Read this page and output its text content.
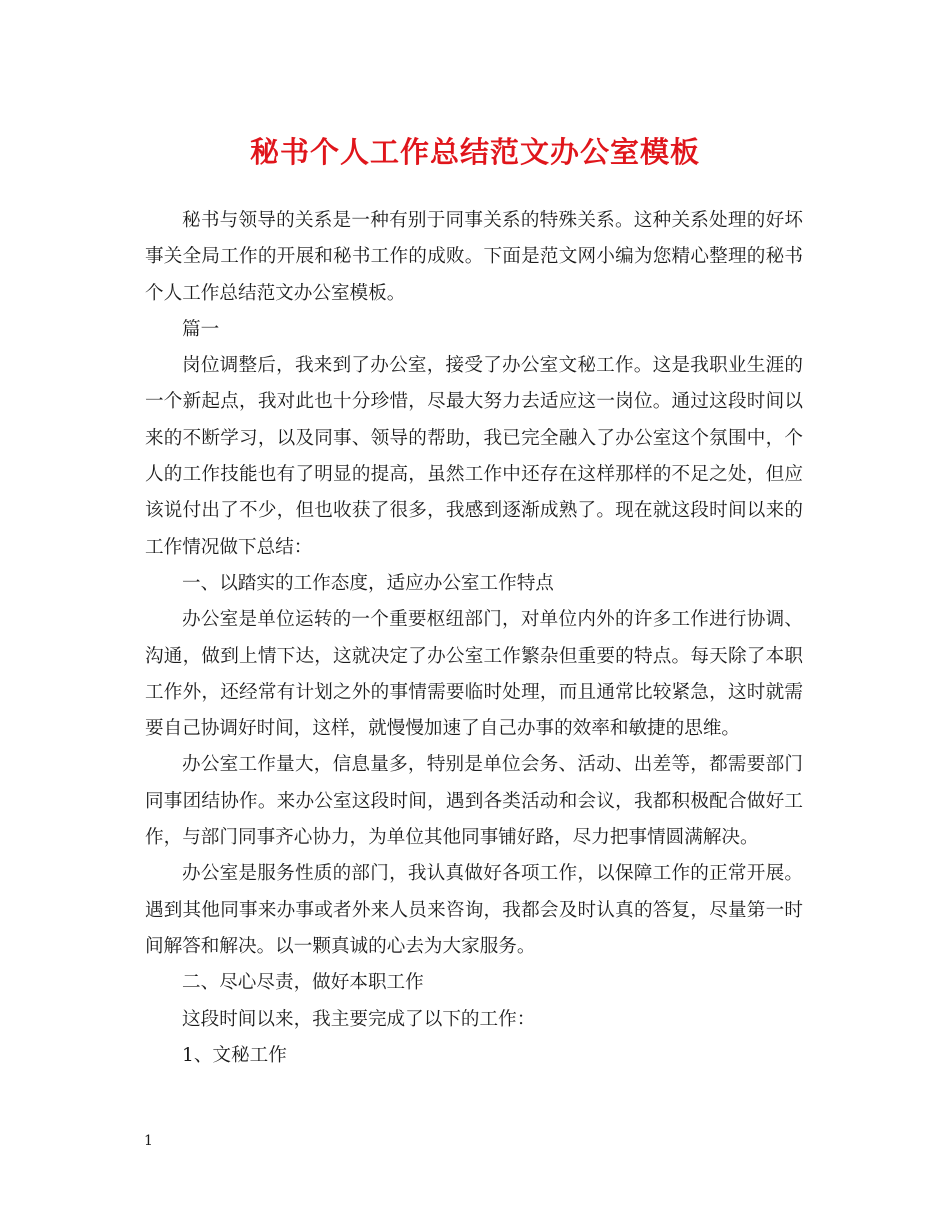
秘书个人工作总结范文办公室模板

秘书与领导的关系是一种有别于同事关系的特殊关系。这种关系处理的好坏事关全局工作的开展和秘书工作的成败。下面是范文网小编为您精心整理的秘书个人工作总结范文办公室模板。

篇一

岗位调整后，我来到了办公室，接受了办公室文秘工作。这是我职业生涯的一个新起点，我对此也十分珍惜，尽最大努力去适应这一岗位。通过这段时间以来的不断学习，以及同事、领导的帮助，我已完全融入了办公室这个氛围中，个人的工作技能也有了明显的提高，虽然工作中还存在这样那样的不足之处，但应该说付出了不少，但也收获了很多，我感到逐渐成熟了。现在就这段时间以来的工作情况做下总结：

一、以踏实的工作态度，适应办公室工作特点

办公室是单位运转的一个重要枢纽部门，对单位内外的许多工作进行协调、沟通，做到上情下达，这就决定了办公室工作繁杂但重要的特点。每天除了本职工作外，还经常有计划之外的事情需要临时处理，而且通常比较紧急，这时就需要自己协调好时间，这样，就慢慢加速了自己办事的效率和敏捷的思维。

办公室工作量大，信息量多，特别是单位会务、活动、出差等，都需要部门同事团结协作。来办公室这段时间，遇到各类活动和会议，我都积极配合做好工作，与部门同事齐心协力，为单位其他同事铺好路，尽力把事情圆满解决。

办公室是服务性质的部门，我认真做好各项工作，以保障工作的正常开展。遇到其他同事来办事或者外来人员来咨询，我都会及时认真的答复，尽量第一时间解答和解决。以一颗真诚的心去为大家服务。

二、尽心尽责，做好本职工作

这段时间以来，我主要完成了以下的工作：

1、文秘工作

1
